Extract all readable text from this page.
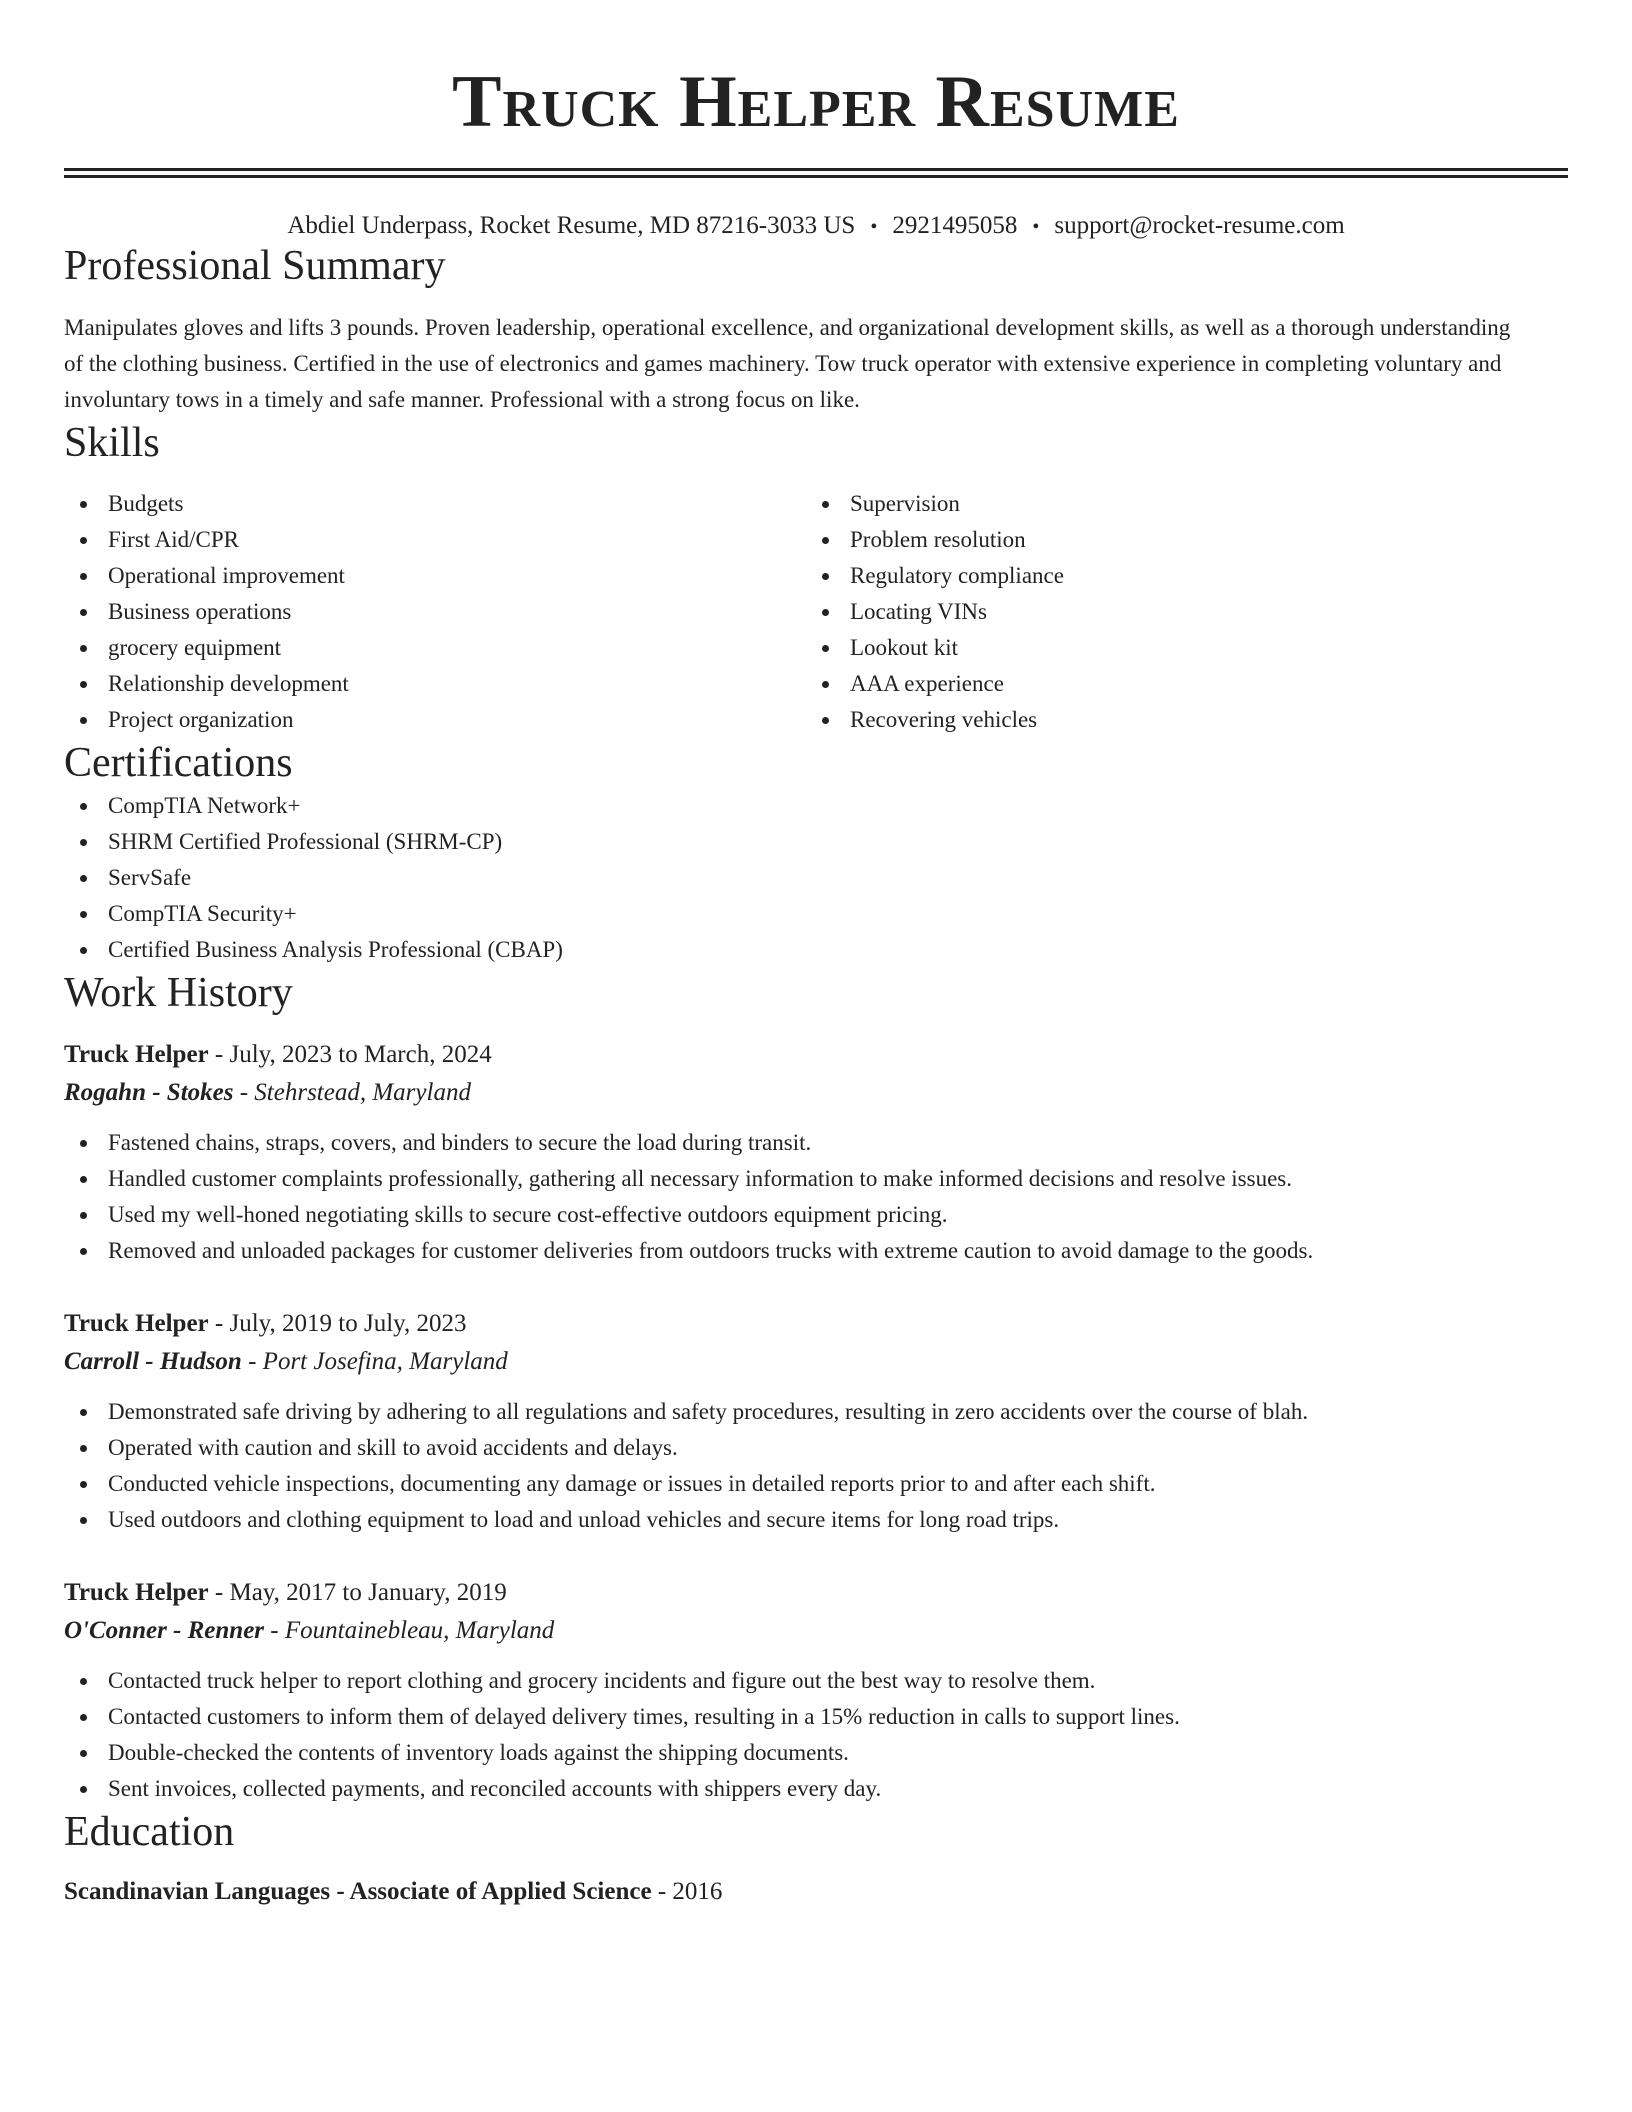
Truck Helper Resume
Abdiel Underpass, Rocket Resume, MD 87216-3033 US • 2921495058 • support@rocket-resume.com
Professional Summary

Manipulates gloves and lifts 3 pounds. Proven leadership, operational excellence, and organizational development skills, as well as a thorough understanding of the clothing business. Certified in the use of electronics and games machinery. Tow truck operator with extensive experience in completing voluntary and involuntary tows in a timely and safe manner. Professional with a strong focus on like.

Skills
Budgets
First Aid/CPR
Operational improvement
Business operations
grocery equipment
Relationship development
Project organization
Supervision
Problem resolution
Regulatory compliance
Locating VINs
Lookout kit
AAA experience
Recovering vehicles
Certifications
CompTIA Network+
SHRM Certified Professional (SHRM-CP)
ServSafe
CompTIA Security+
Certified Business Analysis Professional (CBAP)
Work History
Truck Helper - July, 2023 to March, 2024
Rogahn - Stokes - Stehrstead, Maryland
Fastened chains, straps, covers, and binders to secure the load during transit.
Handled customer complaints professionally, gathering all necessary information to make informed decisions and resolve issues.
Used my well-honed negotiating skills to secure cost-effective outdoors equipment pricing.
Removed and unloaded packages for customer deliveries from outdoors trucks with extreme caution to avoid damage to the goods.
Truck Helper - July, 2019 to July, 2023
Carroll - Hudson - Port Josefina, Maryland
Demonstrated safe driving by adhering to all regulations and safety procedures, resulting in zero accidents over the course of blah.
Operated with caution and skill to avoid accidents and delays.
Conducted vehicle inspections, documenting any damage or issues in detailed reports prior to and after each shift.
Used outdoors and clothing equipment to load and unload vehicles and secure items for long road trips.
Truck Helper - May, 2017 to January, 2019
O'Conner - Renner - Fountainebleau, Maryland
Contacted truck helper to report clothing and grocery incidents and figure out the best way to resolve them.
Contacted customers to inform them of delayed delivery times, resulting in a 15% reduction in calls to support lines.
Double-checked the contents of inventory loads against the shipping documents.
Sent invoices, collected payments, and reconciled accounts with shippers every day.
Education
Scandinavian Languages - Associate of Applied Science - 2016
